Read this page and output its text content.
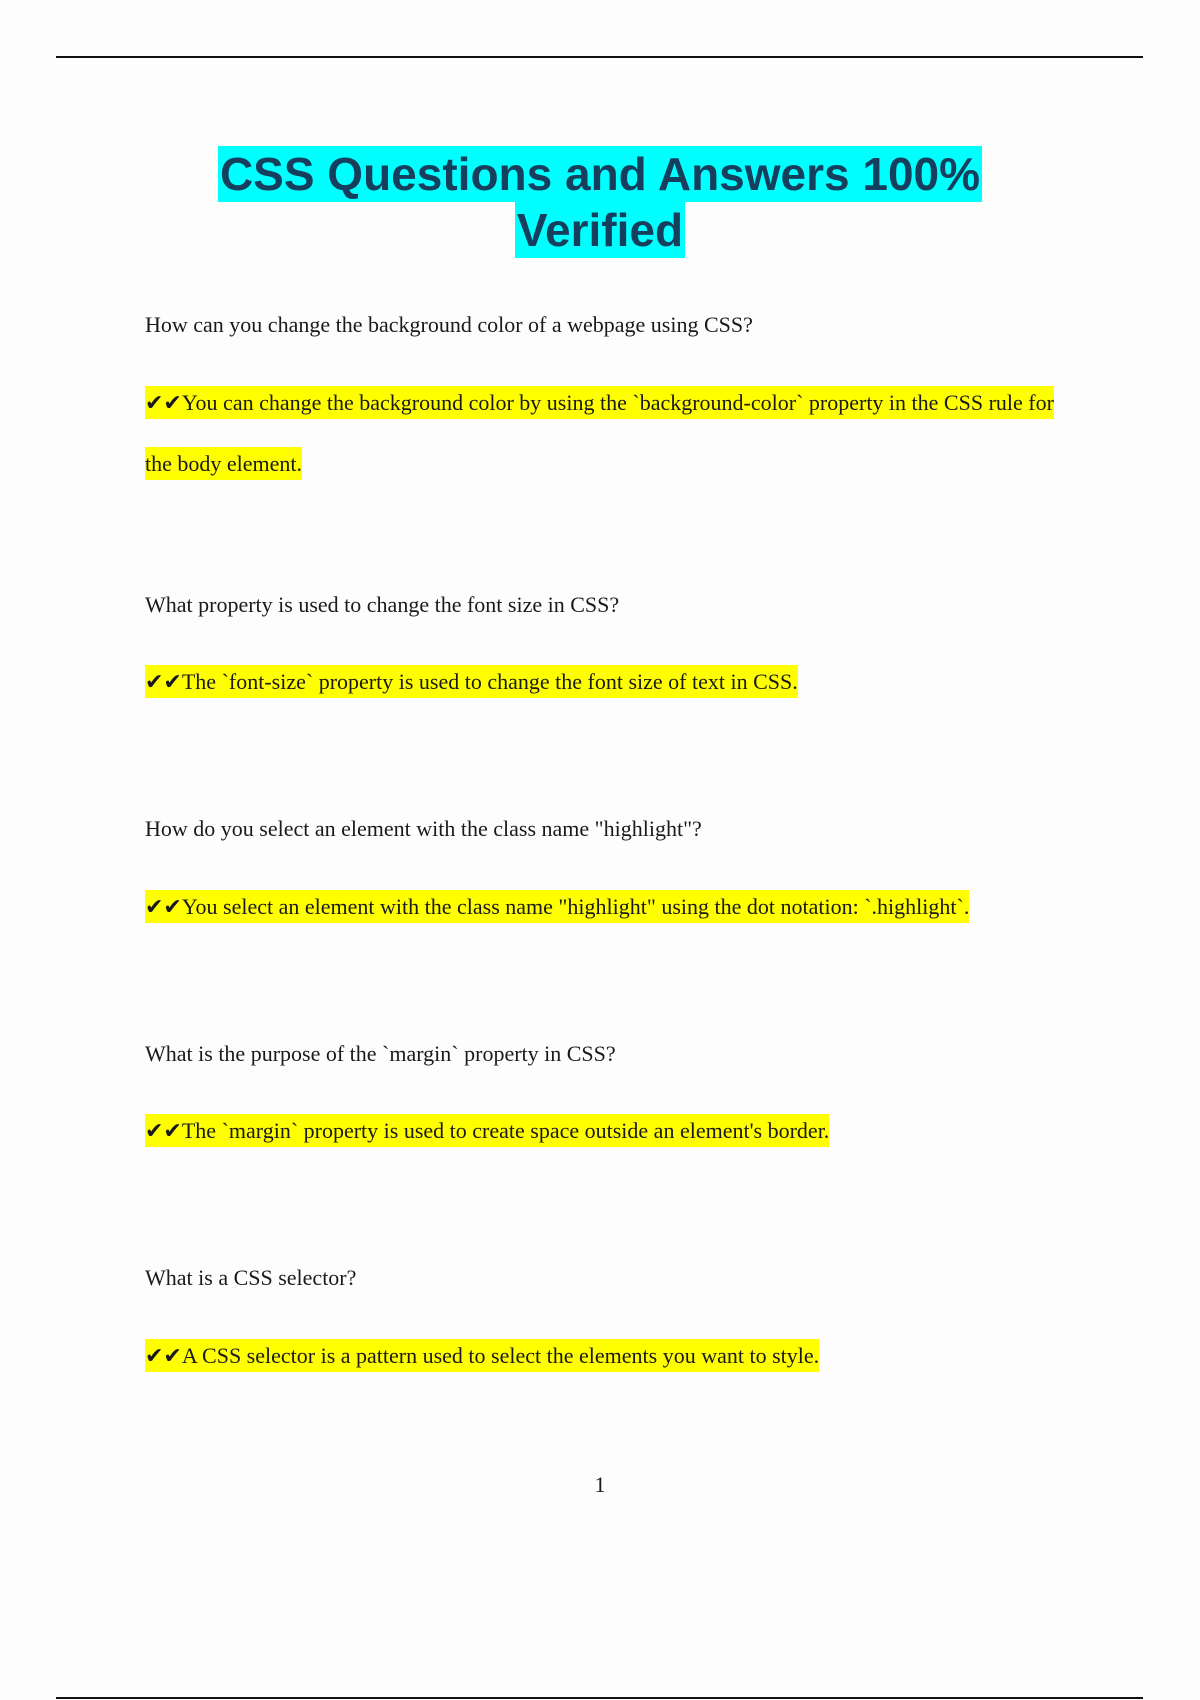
CSS Questions and Answers 100%
Verified
How can you change the background color of a webpage using CSS?
✔✔You can change the background color by using the `background-color` property in the CSS rule for the body element.
What property is used to change the font size in CSS?
✔✔The `font-size` property is used to change the font size of text in CSS.
How do you select an element with the class name "highlight"?
✔✔You select an element with the class name "highlight" using the dot notation: `.highlight`.
What is the purpose of the `margin` property in CSS?
✔✔The `margin` property is used to create space outside an element's border.
What is a CSS selector?
✔✔A CSS selector is a pattern used to select the elements you want to style.
1
